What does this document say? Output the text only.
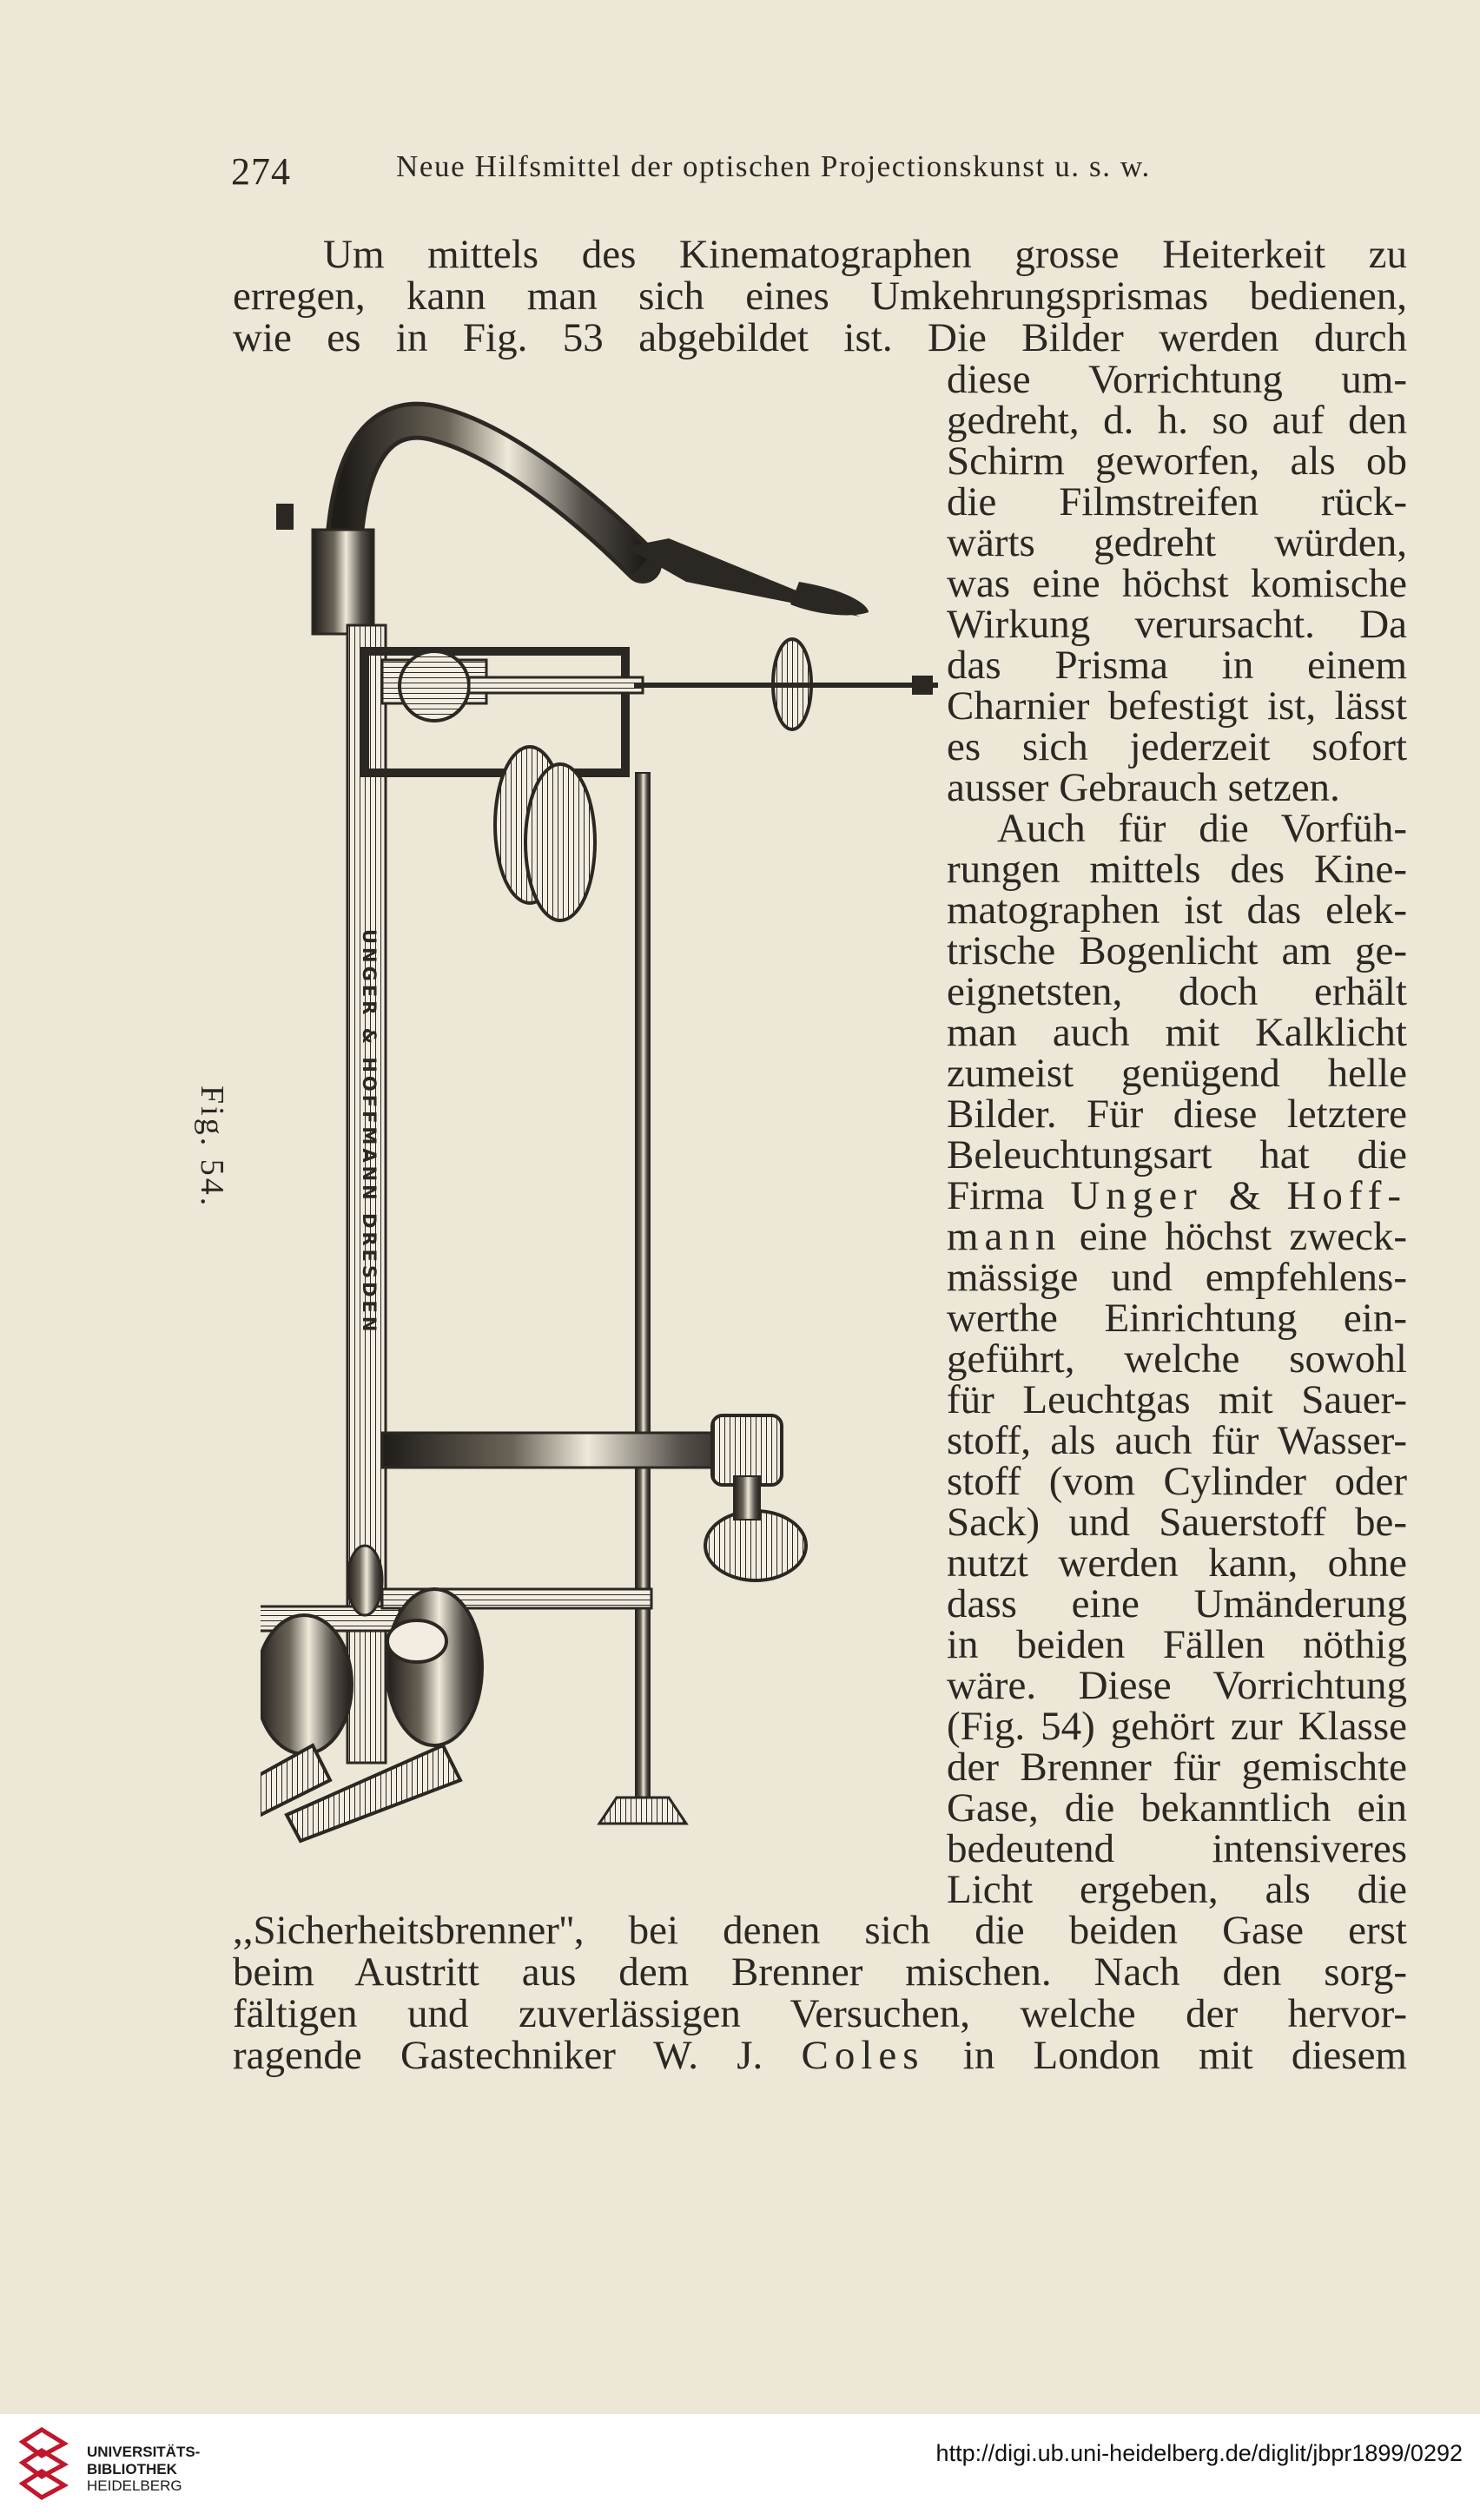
274	Neue Hilfsmittel der optischen Projectionskunst u. s. w.
Um mittels des Kinematographen grosse Heiterkeit zu
erregen, kann man sich eines Umkehrungsprismas bedienen,
wie es in Fig. 53 abgebildet ist. Die Bilder werden durch
diese Vorrichtung um-
gedreht, d. h. so auf den
Schirm geworfen, als ob
die Filmstreifen rück-
wärts gedreht würden,
was eine höchst komische
Wirkung verursacht. Da
das Prisma in einem
Charnier befestigt ist, lässt
es sich jederzeit sofort
ausser Gebrauch setzen.
Auch für die Vorfüh-
rungen mittels des Kine-
matographen ist das elek-
trische Bogenlicht am ge-
eignetsten, doch erhält
man auch mit Kalklicht
zumeist genügend helle
Bilder. Für diese letztere
Beleuchtungsart hat die
Firma Unger & Hoff-
mann eine höchst zweck-
mässige und empfehlens-
werthe Einrichtung ein-
geführt, welche sowohl
für Leuchtgas mit Sauer-
stoff, als auch für Wasser-
stoff (vom Cylinder oder
Sack) und Sauerstoff be-
nutzt werden kann, ohne
dass eine Umänderung
in beiden Fällen nöthig
wäre. Diese Vorrichtung
(Fig. 54) gehört zur Klasse
der Brenner für gemischte
Gase, die bekanntlich ein
bedeutend intensiveres
Licht ergeben, als die
,,Sicherheitsbrenner'', bei denen sich die beiden Gase erst
beim Austritt aus dem Brenner mischen. Nach den sorg-
fältigen und zuverlässigen Versuchen, welche der hervor-
ragende Gastechniker W. J. Coles in London mit diesem
Fig. 54.	UNGER & HOFFMANN DRESDEN
UNIVERSITÄTS-
BIBLIOTHEK
HEIDELBERG
http://digi.ub.uni-heidelberg.de/diglit/jbpr1899/0292
